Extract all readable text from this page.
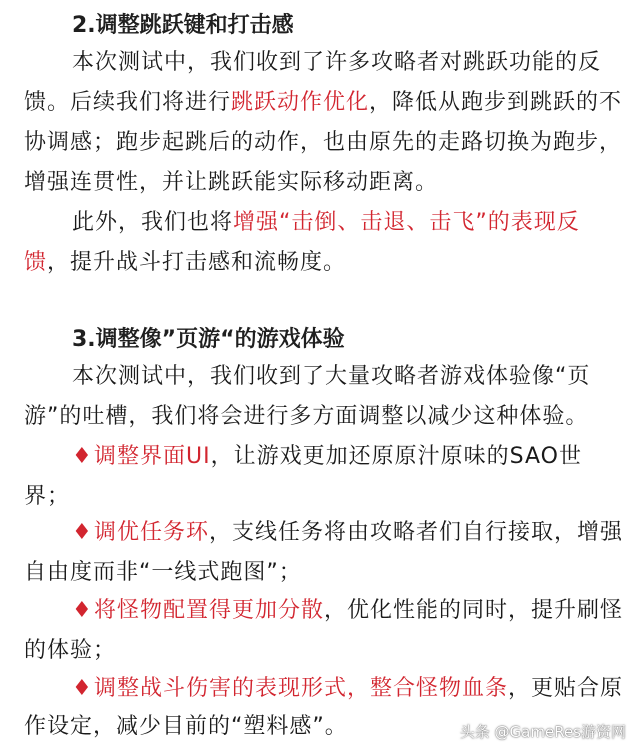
2.调整跳跃键和打击感
本次测试中，我们收到了许多攻略者对跳跃功能的反
馈。后续我们将进行跳跃动作优化，降低从跑步到跳跃的不
协调感；跑步起跳后的动作，也由原先的走路切换为跑步，
增强连贯性，并让跳跃能实际移动距离。
此外，我们也将增强“击倒、击退、击飞”的表现反
馈，提升战斗打击感和流畅度。
3.调整像”页游“的游戏体验
本次测试中，我们收到了大量攻略者游戏体验像“页
游”的吐槽，我们将会进行多方面调整以减少这种体验。
♦调整界面UI，让游戏更加还原原汁原味的SAO世
界；
♦调优任务环，支线任务将由攻略者们自行接取，增强
自由度而非“一线式跑图”；
♦将怪物配置得更加分散，优化性能的同时，提升刷怪
的体验；
♦调整战斗伤害的表现形式，整合怪物血条，更贴合原
作设定，减少目前的“塑料感”。	头条 @GameRes游资网
